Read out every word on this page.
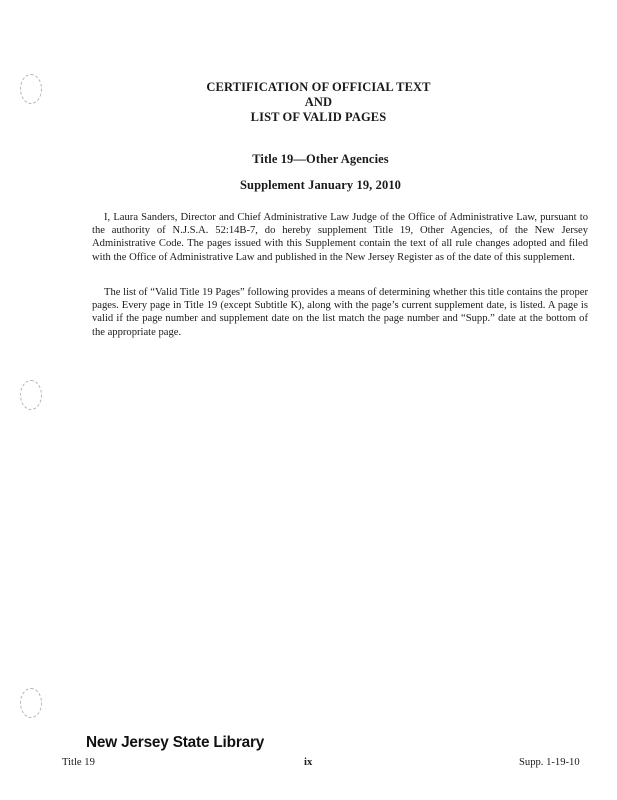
CERTIFICATION OF OFFICIAL TEXT
AND
LIST OF VALID PAGES
Title 19—Other Agencies
Supplement January 19, 2010

I, Laura Sanders, Director and Chief Administrative Law Judge of the Office of Administrative Law, pursuant to the authority of N.J.S.A. 52:14B-7, do hereby supplement Title 19, Other Agencies, of the New Jersey Administrative Code. The pages issued with this Supplement contain the text of all rule changes adopted and filed with the Office of Administrative Law and published in the New Jersey Register as of the date of this supplement.

The list of “Valid Title 19 Pages” following provides a means of determining whether this title contains the proper pages. Every page in Title 19 (except Subtitle K), along with the page’s current supplement date, is listed. A page is valid if the page number and supplement date on the list match the page number and “Supp.” date at the bottom of the appropriate page.

New Jersey State Library
Title 19	ix	Supp. 1-19-10
